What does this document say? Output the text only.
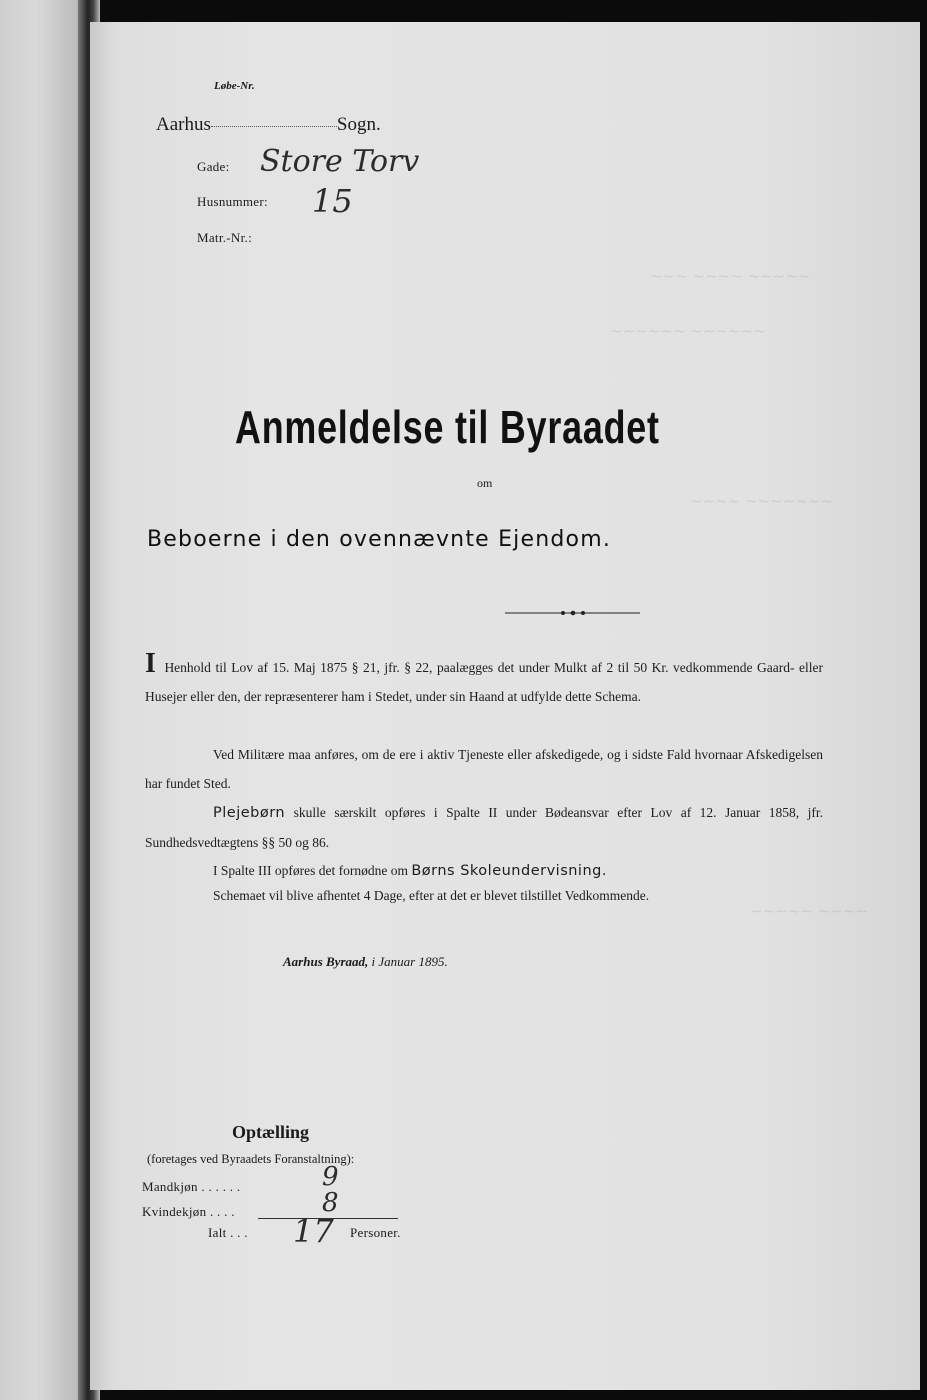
~~~ ~~~~ ~~~~~
~~~~~~ ~~~~~~
~~~~ ~~~~~~~
~~~~~ ~~~~
Løbe-Nr.
Aarhus	Sogn.
Gade: Store Torv
Husnummer: 15
Matr.-Nr.:
Anmeldelse til Byraadet
om
Beboerne i den ovennævnte Ejendom.
I Henhold til Lov af 15. Maj 1875 § 21, jfr. § 22, paalægges det under Mulkt af 2 til 50 Kr. vedkommende Gaard- eller Husejer eller den, der repræsenterer ham i Stedet, under sin Haand at udfylde dette Schema.
Ved Militære maa anføres, om de ere i aktiv Tjeneste eller afskedigede, og i sidste Fald hvornaar Afskedigelsen har fundet Sted.
Plejebørn skulle særskilt opføres i Spalte II under Bødeansvar efter Lov af 12. Januar 1858, jfr. Sundhedsvedtægtens §§ 50 og 86.
I Spalte III opføres det fornødne om Børns Skoleundervisning.
Schemaet vil blive afhentet 4 Dage, efter at det er blevet tilstillet Vedkommende.
Aarhus Byraad, i Januar 1895.
Optælling
(foretages ved Byraadets Foranstaltning):
Mandkjøn . . . . . .	9
Kvindekjøn . . . .	8
Ialt . . . 17 Personer.
